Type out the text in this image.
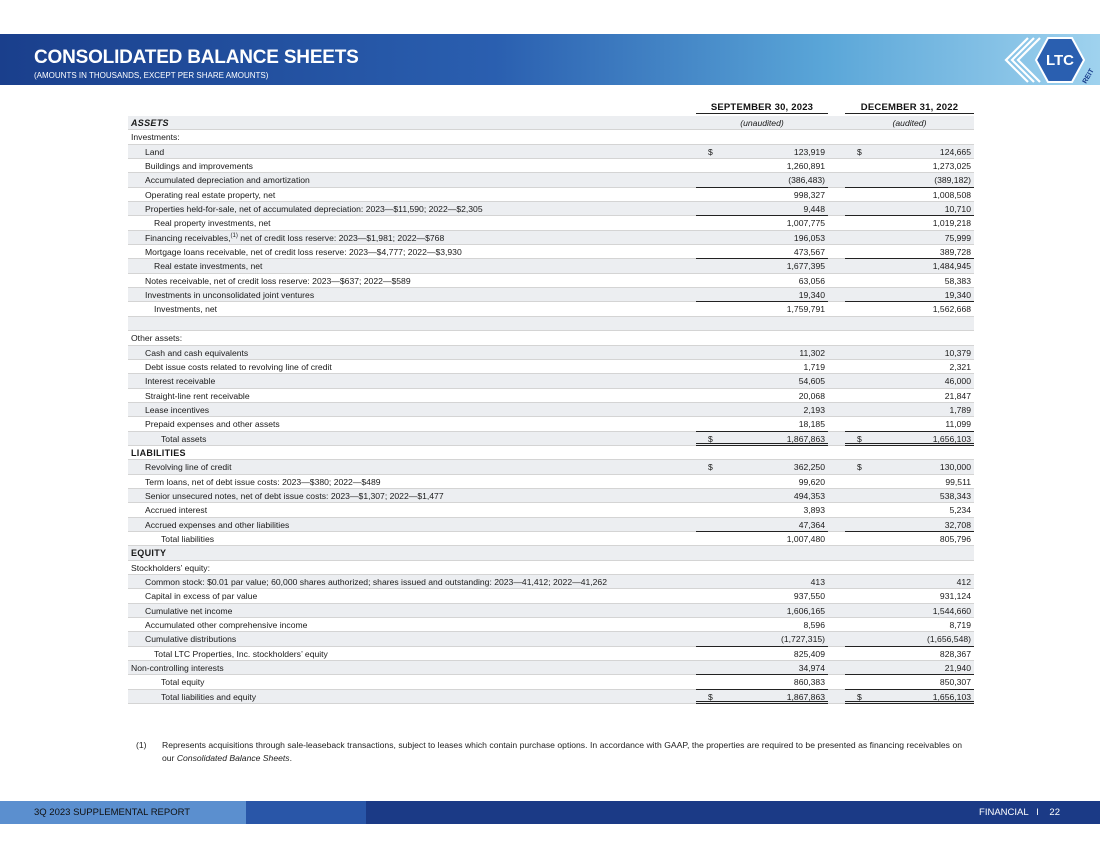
CONSOLIDATED BALANCE SHEETS
(AMOUNTS IN THOUSANDS, EXCEPT PER SHARE AMOUNTS)
LTC
REIT
SEPTEMBER 30, 2023	DECEMBER 31, 2022
ASSETS	(unaudited)	(audited)
Investments:
Land	$	123,919	$	124,665
Buildings and improvements	1,260,891	1,273,025
Accumulated depreciation and amortization	(386,483)	(389,182)
Operating real estate property, net	998,327	1,008,508
Properties held-for-sale, net of accumulated depreciation: 2023—$11,590; 2022—$2,305	9,448	10,710
Real property investments, net	1,007,775	1,019,218
Financing receivables,$^{(1)}$ net of credit loss reserve: 2023—$1,981; 2022—$768	196,053	75,999
Mortgage loans receivable, net of credit loss reserve: 2023—$4,777; 2022—$3,930	473,567	389,728
Real estate investments, net	1,677,395	1,484,945
Notes receivable, net of credit loss reserve: 2023—$637; 2022—$589	63,056	58,383
Investments in unconsolidated joint ventures	19,340	19,340
Investments, net	1,759,791	1,562,668
Other assets:
Cash and cash equivalents	11,302	10,379
Debt issue costs related to revolving line of credit	1,719	2,321
Interest receivable	54,605	46,000
Straight-line rent receivable	20,068	21,847
Lease incentives	2,193	1,789
Prepaid expenses and other assets	18,185	11,099
Total assets	$	1,867,863	$	1,656,103
LIABILITIES
Revolving line of credit	$	362,250	$	130,000
Term loans, net of debt issue costs: 2023—$380; 2022—$489	99,620	99,511
Senior unsecured notes, net of debt issue costs: 2023—$1,307; 2022—$1,477	494,353	538,343
Accrued interest	3,893	5,234
Accrued expenses and other liabilities	47,364	32,708
Total liabilities	1,007,480	805,796
EQUITY
Stockholders’ equity:
Common stock: $0.01 par value; 60,000 shares authorized; shares issued and outstanding: 2023—41,412; 2022—41,262	413	412
Capital in excess of par value	937,550	931,124
Cumulative net income	1,606,165	1,544,660
Accumulated other comprehensive income	8,596	8,719
Cumulative distributions	(1,727,315)	(1,656,548)
Total LTC Properties, Inc. stockholders’ equity	825,409	828,367
Non-controlling interests	34,974	21,940
Total equity	860,383	850,307
Total liabilities and equity	$	1,867,863	$	1,656,103
(1) Represents acquisitions through sale-leaseback transactions, subject to leases which contain purchase options. In accordance with GAAP, the properties are required to be presented as financing receivables on our Consolidated Balance Sheets.
3Q 2023 SUPPLEMENTAL REPORT	FINANCIAL   I    22
